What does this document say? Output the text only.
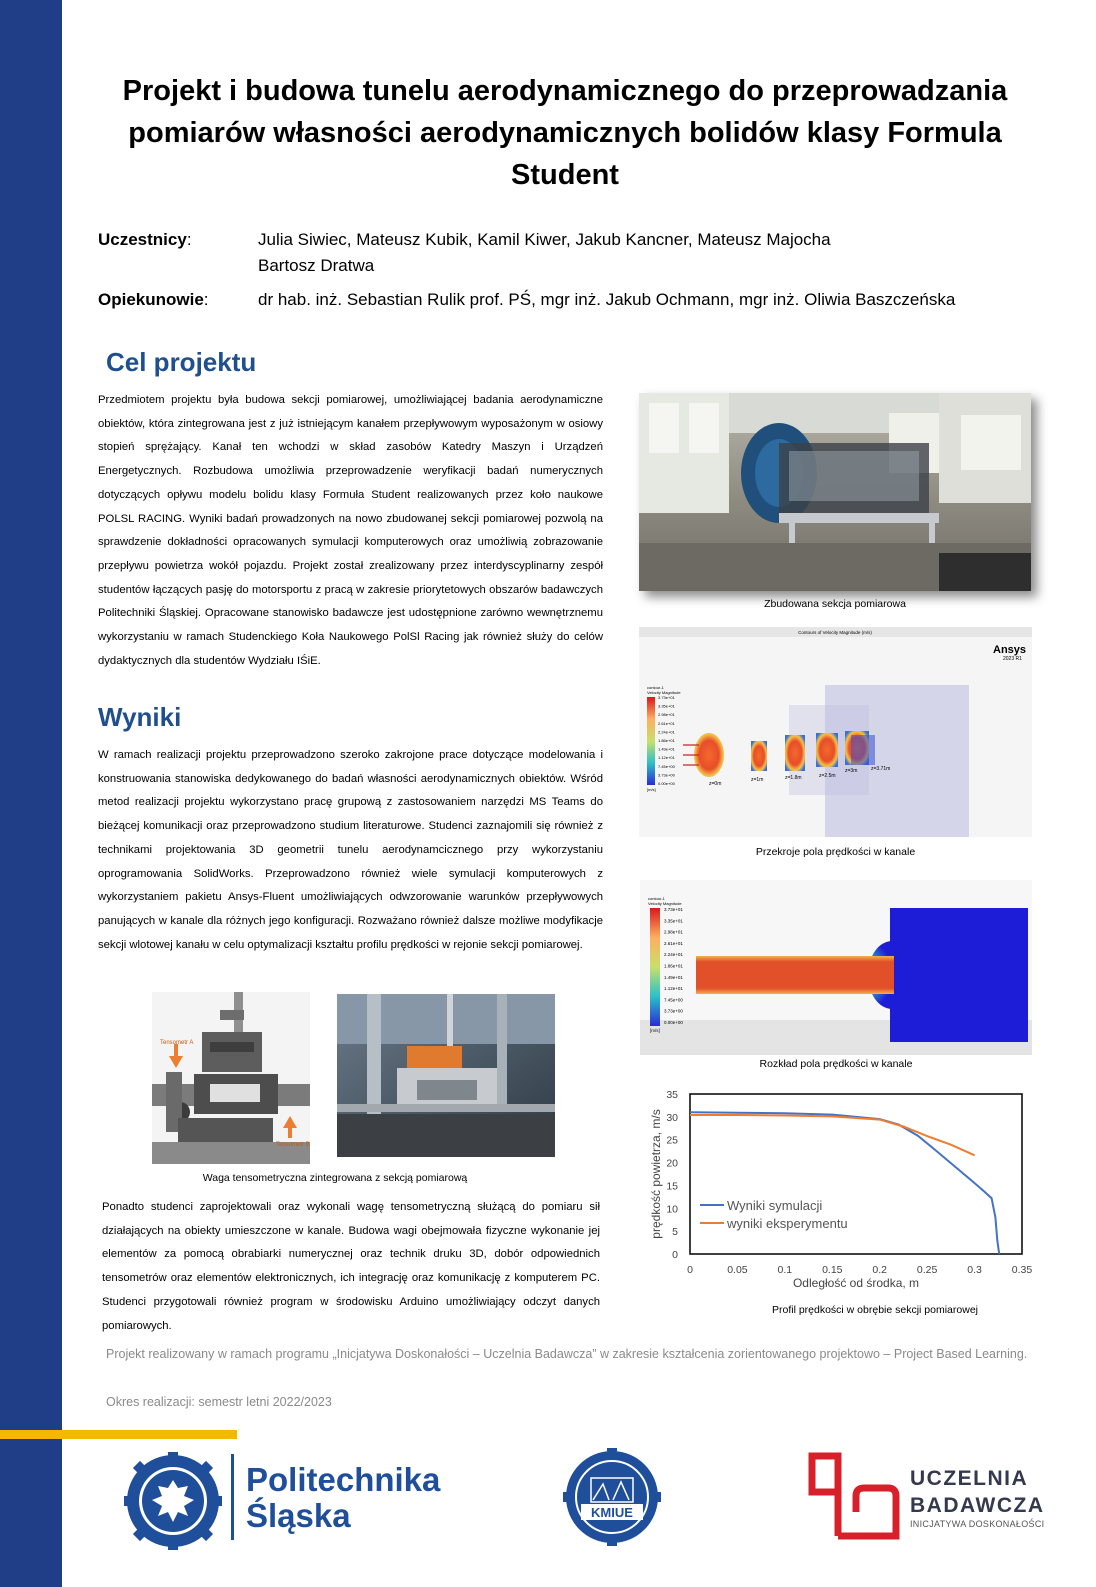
Projekt i budowa tunelu aerodynamicznego do przeprowadzania pomiarów własności aerodynamicznych bolidów klasy Formula Student
Uczestnicy:	Julia Siwiec, Mateusz Kubik, Kamil Kiwer, Jakub Kancner, Mateusz Majocha
Bartosz Dratwa
Opiekunowie:	dr hab. inż. Sebastian Rulik prof. PŚ, mgr inż. Jakub Ochmann, mgr inż. Oliwia Baszczeńska
Cel projektu
Przedmiotem projektu była budowa sekcji pomiarowej, umożliwiającej badania aerodynamiczne obiektów, która zintegrowana jest z już istniejącym kanałem przepływowym wyposażonym w osiowy stopień sprężający. Kanał ten wchodzi w skład zasobów Katedry Maszyn i Urządzeń Energetycznych. Rozbudowa umożliwia przeprowadzenie weryfikacji badań numerycznych dotyczących opływu modelu bolidu klasy Formuła Student realizowanych przez koło naukowe POLSL RACING. Wyniki badań prowadzonych na nowo zbudowanej sekcji pomiarowej pozwolą na sprawdzenie dokładności opracowanych symulacji komputerowych oraz umożliwią zobrazowanie przepływu powietrza wokół pojazdu. Projekt został zrealizowany przez interdyscyplinarny zespół studentów łączących pasję do motorsportu z pracą w zakresie priorytetowych obszarów badawczych Politechniki Śląskiej. Opracowane stanowisko badawcze jest udostępnione zarówno wewnętrznemu wykorzystaniu w ramach Studenckiego Koła Naukowego PolSl Racing jak również służy do celów dydaktycznych dla studentów Wydziału IŚiE.
Wyniki
W ramach realizacji projektu przeprowadzono szeroko zakrojone prace dotyczące modelowania i konstruowania stanowiska dedykowanego do badań własności aerodynamicznych obiektów. Wśród metod realizacji projektu wykorzystano pracę grupową z zastosowaniem narzędzi MS Teams do bieżącej komunikacji oraz przeprowadzono studium literaturowe. Studenci zaznajomili się również z technikami projektowania 3D geometrii tunelu aerodynamcicznego przy wykorzystaniu oprogramowania SolidWorks. Przeprowadzono również wiele symulacji komputerowych z wykorzystaniem pakietu Ansys-Fluent umożliwiających odwzorowanie warunków przepływowych panujących w kanale dla różnych jego konfiguracji. Rozważano również dalsze możliwe modyfikacje sekcji wlotowej kanału w celu optymalizacji kształtu profilu prędkości w rejonie sekcji pomiarowej.
Tensometr A
Tensometr B
Waga tensometryczna zintegrowana z sekcją pomiarową
Ponadto studenci zaprojektowali oraz wykonali wagę tensometryczną służącą do pomiaru sił działających na obiekty umieszczone w kanale. Budowa wagi obejmowała fizyczne wykonanie jej elementów za pomocą obrabiarki numerycznej oraz technik druku 3D, dobór odpowiednich tensometrów oraz elementów elektronicznych, ich integrację oraz komunikację z komputerem PC. Studenci przygotowali również program w środowisku Arduino umożliwiający odczyt danych pomiarowych.
Zbudowana sekcja pomiarowa
Contours of Velocity Magnitude (m/s)
Ansys
2023 R1
contour-1
Velocity Magnitude
3.73e+01
3.35e+01
2.98e+01
2.61e+01
2.24e+01
1.86e+01
1.49e+01
1.12e+01
7.45e+00
3.73e+00
0.00e+00
[m/s]
z=0m
z=1m	z=1.8m	z=2.5m
z=3m	z=3.71m
Przekroje pola prędkości w kanale
contour-1
Velocity Magnitude
3.73e+01
3.35e+01
2.98e+01
2.61e+01
2.24e+01
1.86e+01
1.49e+01
1.12e+01
7.45e+00
3.73e+00
0.00e+00
[m/s]
Rozkład pola prędkości w kanale
0
5
10
15
20
25
30
35
0	0.05	0.1	0.15	0.2	0.25	0.3	0.35
Odległość od środka, m
prędkość powietrza, m/s	Wyniki symulacji
wyniki eksperymentu
Profil prędkości w obrębie sekcji pomiarowej
Projekt realizowany w ramach programu „Inicjatywa Doskonałości – Uczelnia Badawcza” w zakresie kształcenia zorientowanego projektowo – Project Based Learning.
Okres realizacji: semestr letni 2022/2023
Politechnika
Śląska	KMIUE
UCZELNIA
BADAWCZA
INICJATYWA DOSKONAŁOŚCI
